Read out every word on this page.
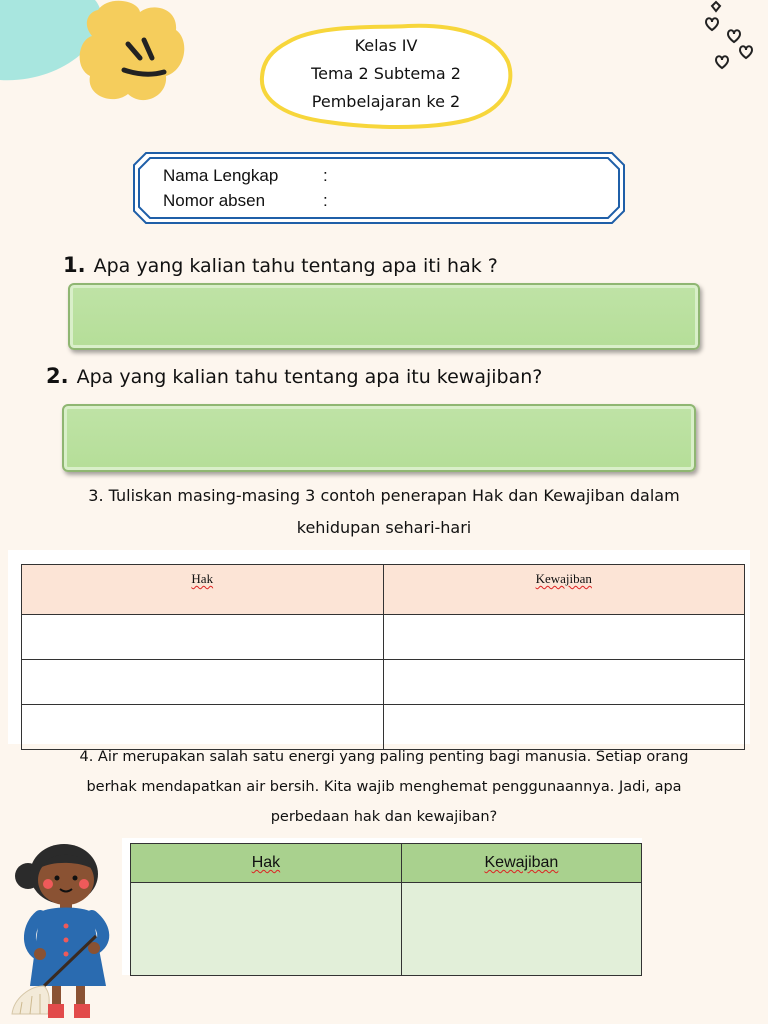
Kelas IV
Tema 2 Subtema 2
Pembelajaran ke 2
Nama Lengkap	:
Nomor absen	:
1. Apa yang kalian tahu tentang apa iti hak ?
2. Apa yang kalian tahu tentang apa itu kewajiban?
3. Tuliskan masing-masing 3 contoh penerapan Hak dan Kewajiban dalam
kehidupan sehari-hari
Hak	Kewajiban

4. Air merupakan salah satu energi yang paling penting bagi manusia. Setiap orang
berhak mendapatkan air bersih. Kita wajib menghemat penggunaannya. Jadi, apa
perbedaan hak dan kewajiban?
Hak	Kewajiban
